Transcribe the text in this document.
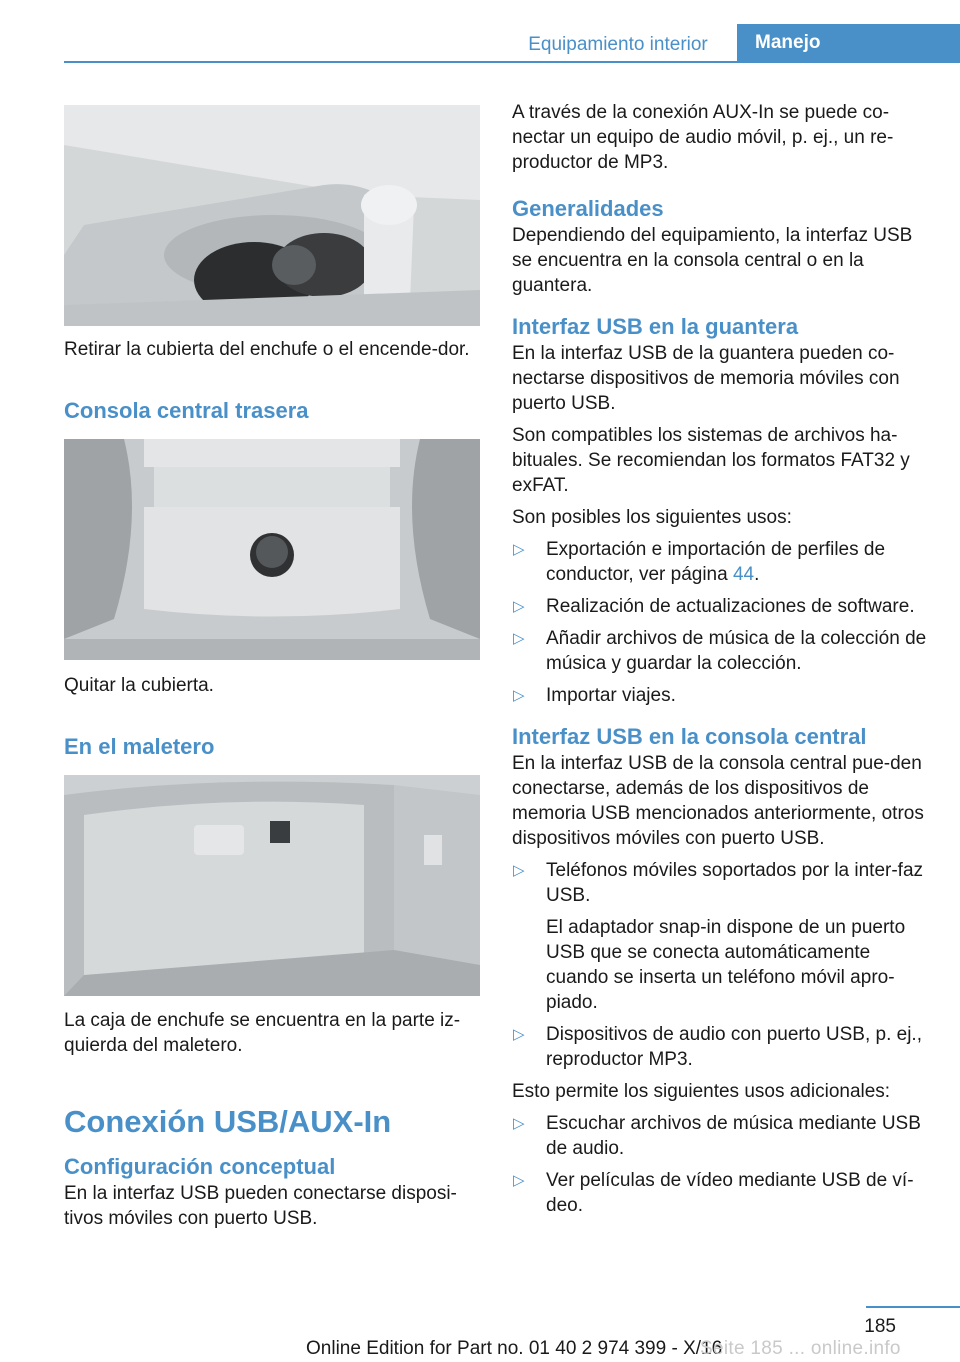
Equipamiento interior	Manejo

Retirar la cubierta del enchufe o el encende-dor.

Consola central trasera

Quitar la cubierta.

En el maletero

La caja de enchufe se encuentra en la parte iz-quierda del maletero.

Conexión USB/AUX-In
Configuración conceptual

En la interfaz USB pueden conectarse disposi-tivos móviles con puerto USB.

A través de la conexión AUX-In se puede co-nectar un equipo de audio móvil, p. ej., un re-productor de MP3.

Generalidades

Dependiendo del equipamiento, la interfaz USB se encuentra en la consola central o en la guantera.

Interfaz USB en la guantera

En la interfaz USB de la guantera pueden co-nectarse dispositivos de memoria móviles con puerto USB.

Son compatibles los sistemas de archivos ha-bituales. Se recomiendan los formatos FAT32 y exFAT.

Son posibles los siguientes usos:

▷ Exportación e importación de perfiles de conductor, ver página 44.
▷ Realización de actualizaciones de software.
▷ Añadir archivos de música de la colección de música y guardar la colección.
▷ Importar viajes.
Interfaz USB en la consola central

En la interfaz USB de la consola central pue-den conectarse, además de los dispositivos de memoria USB mencionados anteriormente, otros dispositivos móviles con puerto USB.

▷ Teléfonos móviles soportados por la inter-faz USB.
El adaptador snap-in dispone de un puerto USB que se conecta automáticamente cuando se inserta un teléfono móvil apro-piado.
▷ Dispositivos de audio con puerto USB, p. ej., reproductor MP3.

Esto permite los siguientes usos adicionales:

▷ Escuchar archivos de música mediante USB de audio.
▷ Ver películas de vídeo mediante USB de ví-deo.
185
Online Edition for Part no. 01 40 2 974 399 - X/16
Seite 185 ... online.info
